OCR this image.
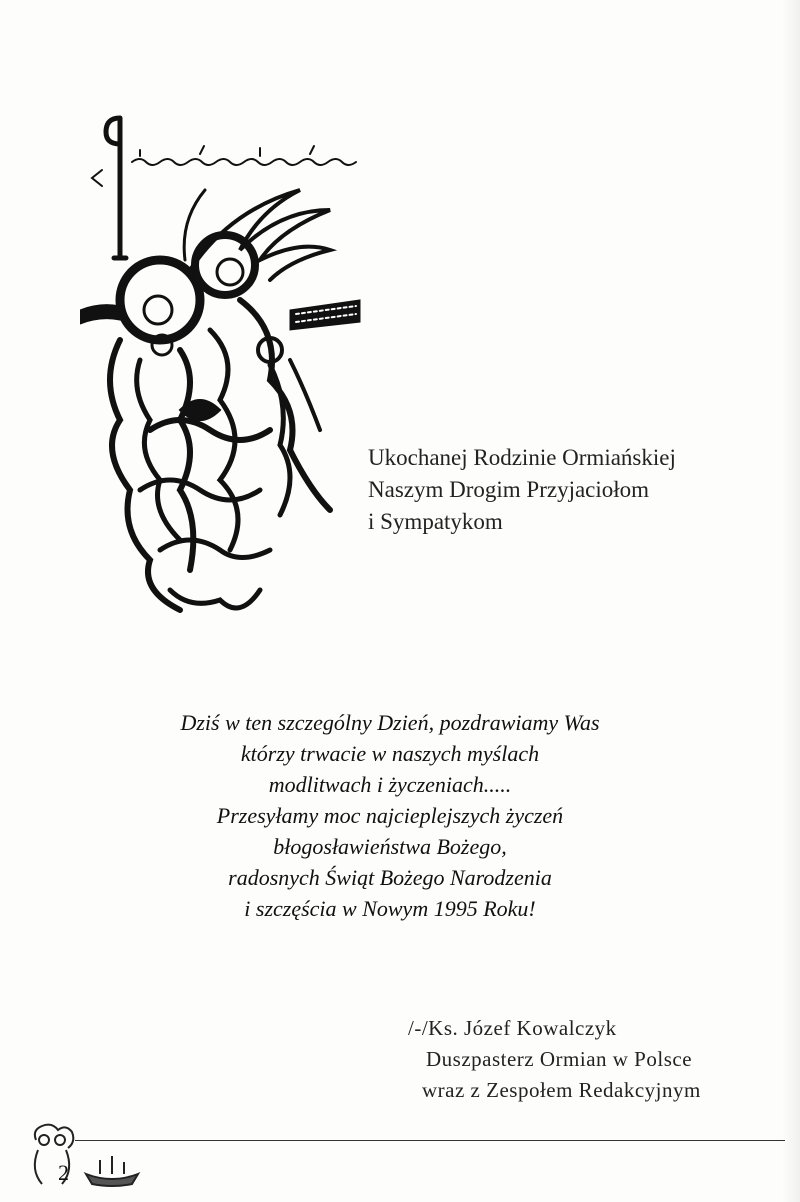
Ukochanej Rodzinie Ormiańskiej
Naszym Drogim Przyjaciołom
i Sympatykom
Dziś w ten szczególny Dzień, pozdrawiamy Was
którzy trwacie w naszych myślach
modlitwach i życzeniach.....
Przesyłamy moc najcieplejszych życzeń
błogosławieństwa Bożego,
radosnych Świąt Bożego Narodzenia
i szczęścia w Nowym 1995 Roku!
/-/Ks. Józef Kowalczyk
Duszpasterz Ormian w Polsce
wraz z Zespołem Redakcyjnym
2
